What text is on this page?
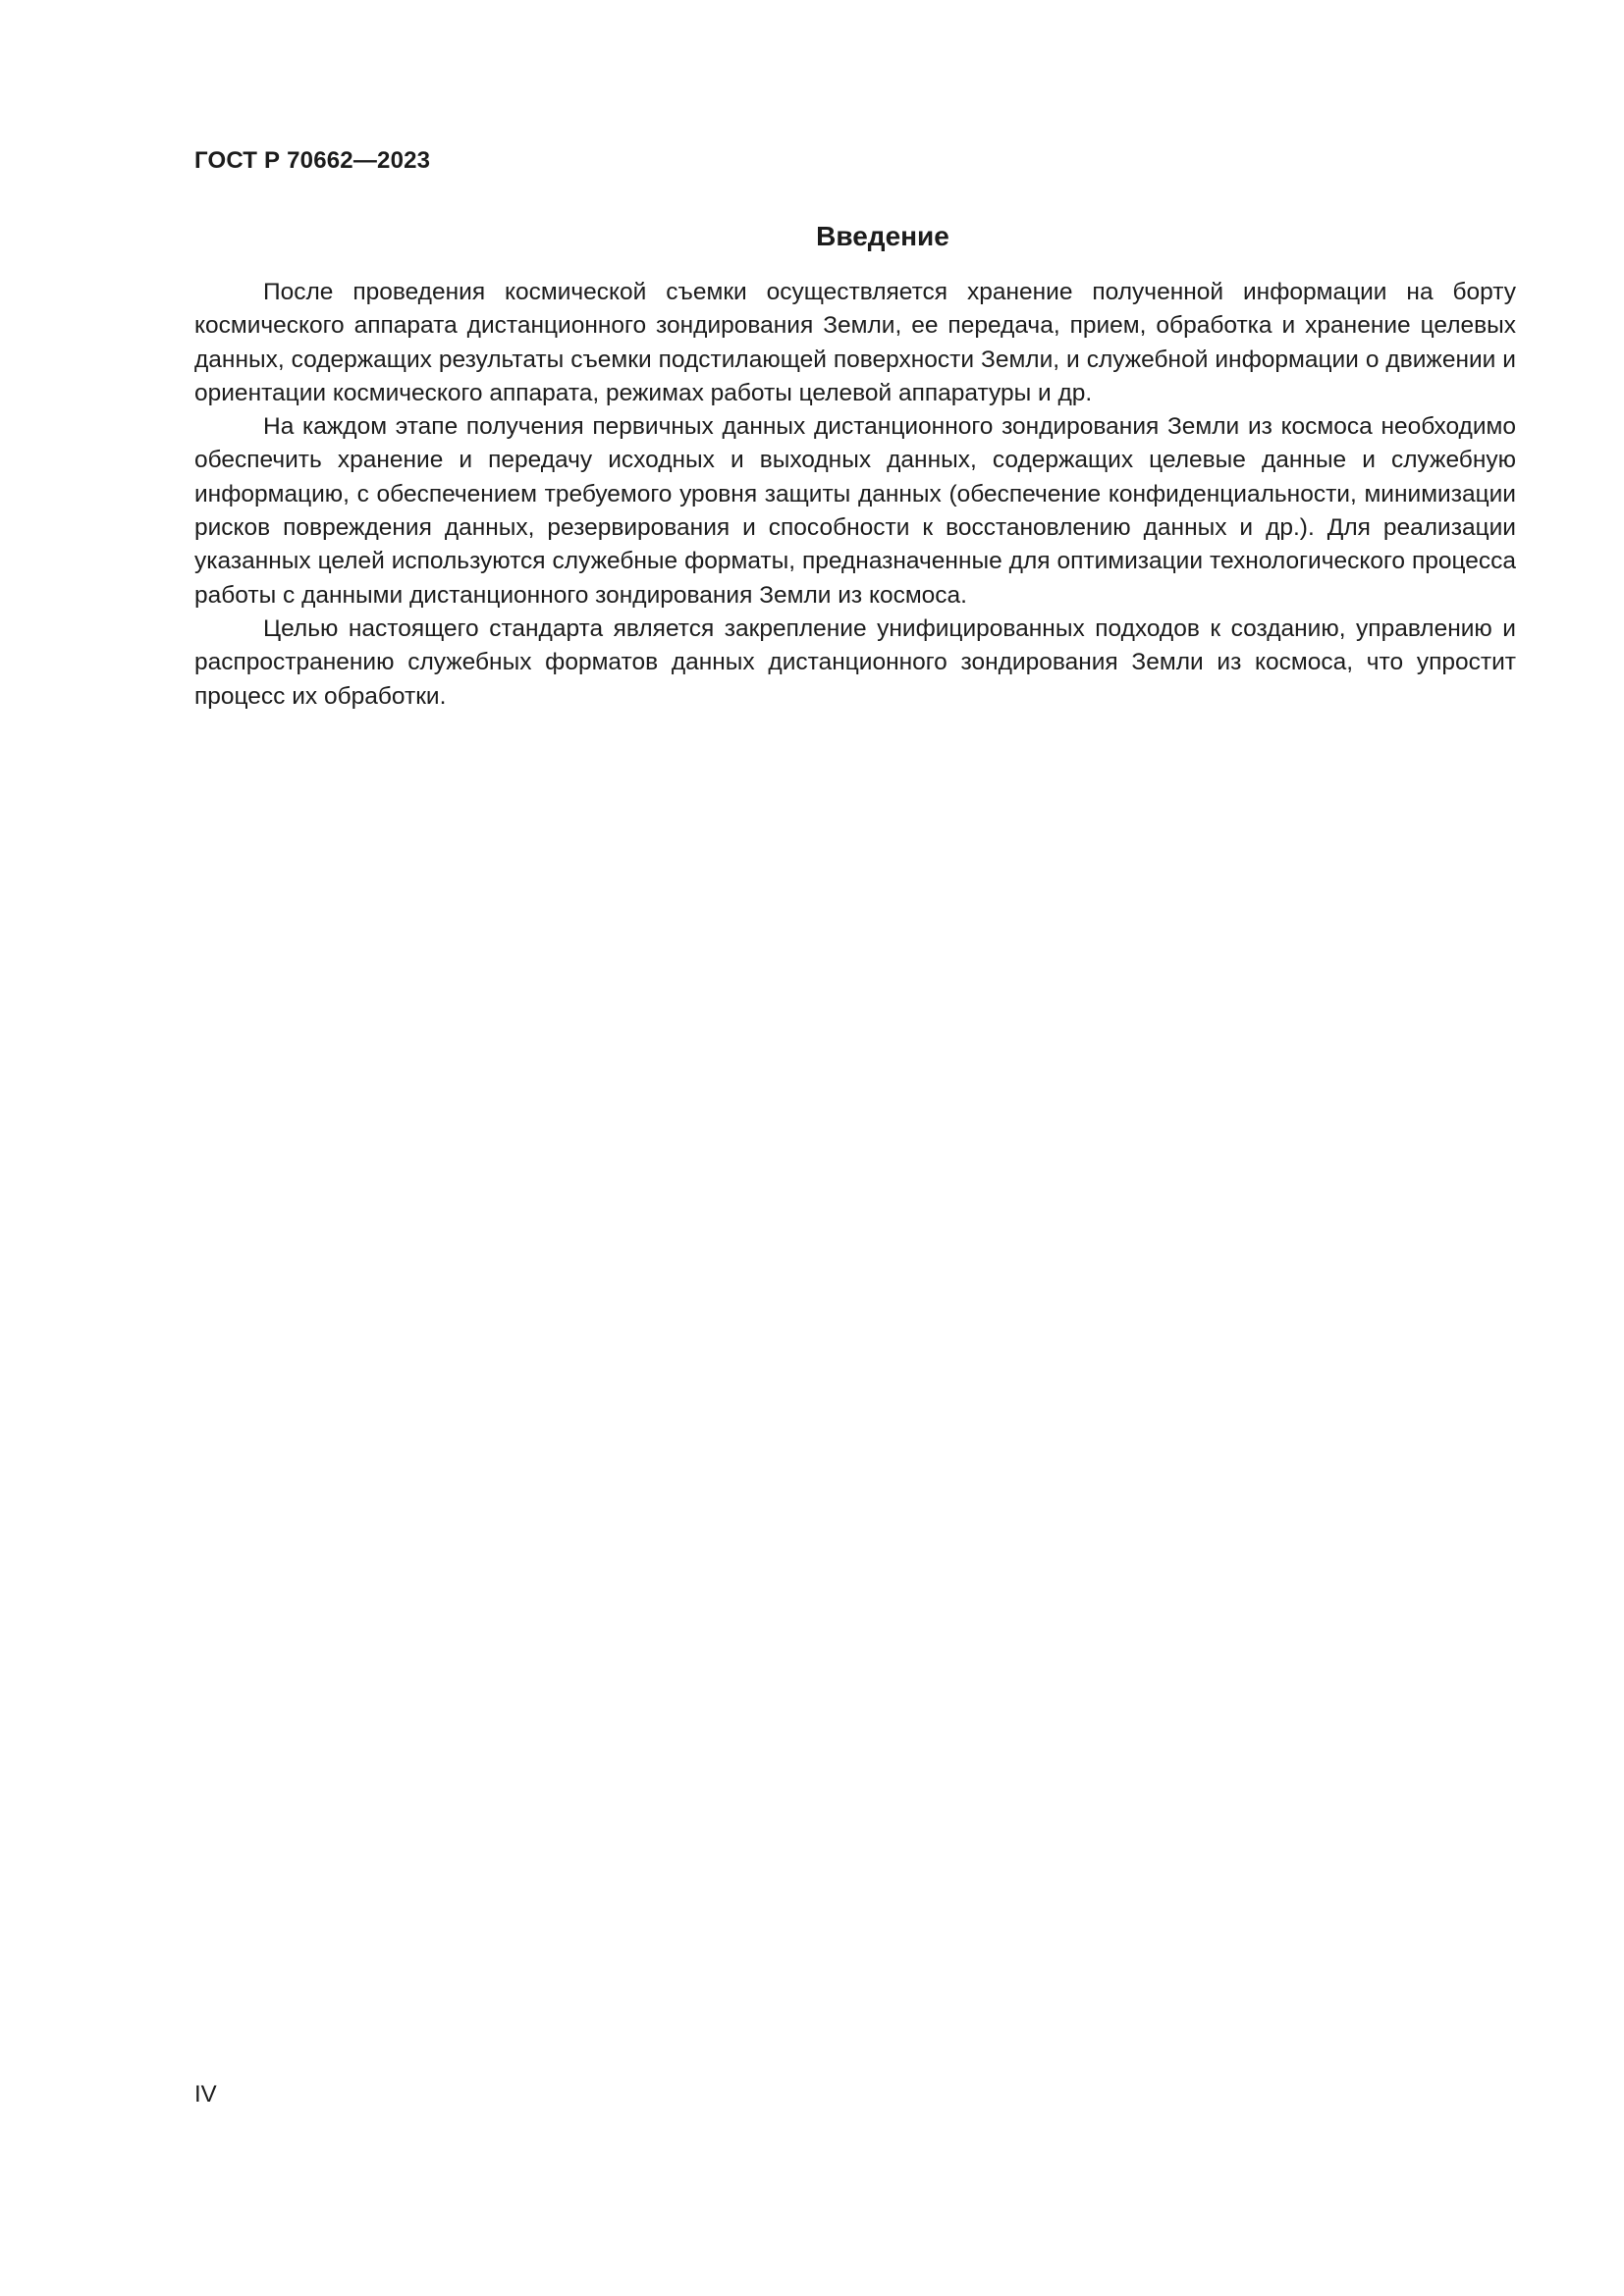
ГОСТ Р 70662—2023
Введение

После проведения космической съемки осуществляется хранение полученной информации на борту космического аппарата дистанционного зондирования Земли, ее передача, прием, обработка и хранение целевых данных, содержащих результаты съемки подстилающей поверхности Земли, и служебной информации о движении и ориентации космического аппарата, режимах работы целевой аппаратуры и др.

На каждом этапе получения первичных данных дистанционного зондирования Земли из космоса необходимо обеспечить хранение и передачу исходных и выходных данных, содержащих целевые данные и служебную информацию, с обеспечением требуемого уровня защиты данных (обеспечение конфиденциальности, минимизации рисков повреждения данных, резервирования и способности к восстановлению данных и др.). Для реализации указанных целей используются служебные форматы, предназначенные для оптимизации технологического процесса работы с данными дистанционного зондирования Земли из космоса.

Целью настоящего стандарта является закрепление унифицированных подходов к созданию, управлению и распространению служебных форматов данных дистанционного зондирования Земли из космоса, что упростит процесс их обработки.

IV
